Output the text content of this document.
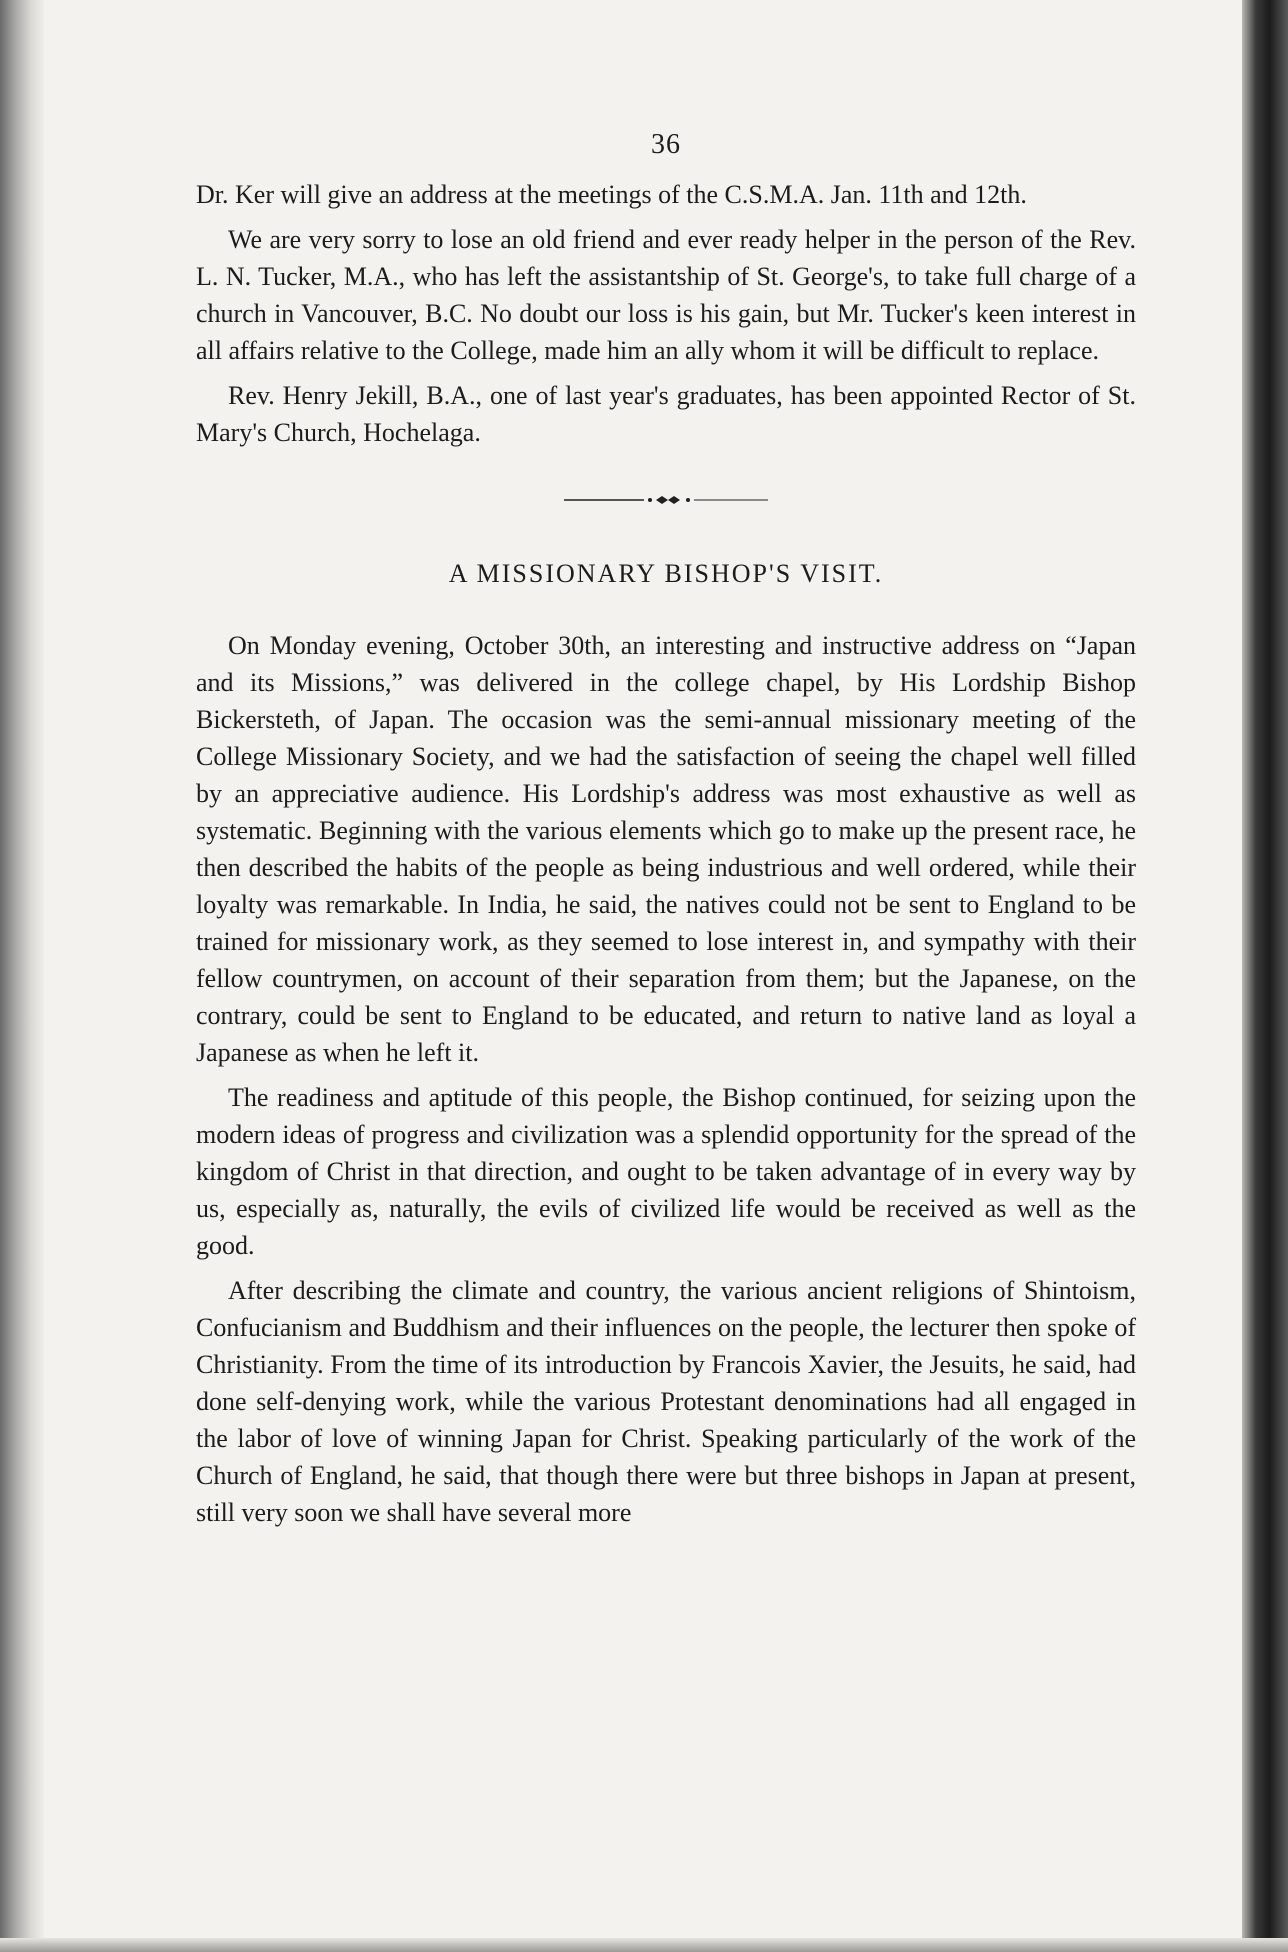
36

Dr. Ker will give an address at the meetings of the C.S.M.A. Jan. 11th and 12th.

We are very sorry to lose an old friend and ever ready helper in the person of the Rev. L. N. Tucker, M.A., who has left the assistantship of St. George's, to take full charge of a church in Vancouver, B.C. No doubt our loss is his gain, but Mr. Tucker's keen interest in all affairs relative to the College, made him an ally whom it will be difficult to replace.

Rev. Henry Jekill, B.A., one of last year's graduates, has been appointed Rector of St. Mary's Church, Hochelaga.

A MISSIONARY BISHOP'S VISIT.

On Monday evening, October 30th, an interesting and instructive address on “Japan and its Missions,” was delivered in the college chapel, by His Lordship Bishop Bickersteth, of Japan. The occasion was the semi-annual missionary meeting of the College Missionary Society, and we had the satisfaction of seeing the chapel well filled by an appreciative audience. His Lordship's address was most exhaustive as well as systematic. Beginning with the various elements which go to make up the present race, he then described the habits of the people as being industrious and well ordered, while their loyalty was remarkable. In India, he said, the natives could not be sent to England to be trained for missionary work, as they seemed to lose interest in, and sympathy with their fellow countrymen, on account of their separation from them; but the Japanese, on the contrary, could be sent to England to be educated, and return to native land as loyal a Japanese as when he left it.

The readiness and aptitude of this people, the Bishop continued, for seizing upon the modern ideas of progress and civilization was a splendid opportunity for the spread of the kingdom of Christ in that direction, and ought to be taken advantage of in every way by us, especially as, naturally, the evils of civilized life would be received as well as the good.

After describing the climate and country, the various ancient religions of Shintoism, Confucianism and Buddhism and their influences on the people, the lecturer then spoke of Christianity. From the time of its introduction by Francois Xavier, the Jesuits, he said, had done self-denying work, while the various Protestant denominations had all engaged in the labor of love of winning Japan for Christ. Speaking particularly of the work of the Church of England, he said, that though there were but three bishops in Japan at present, still very soon we shall have several more
